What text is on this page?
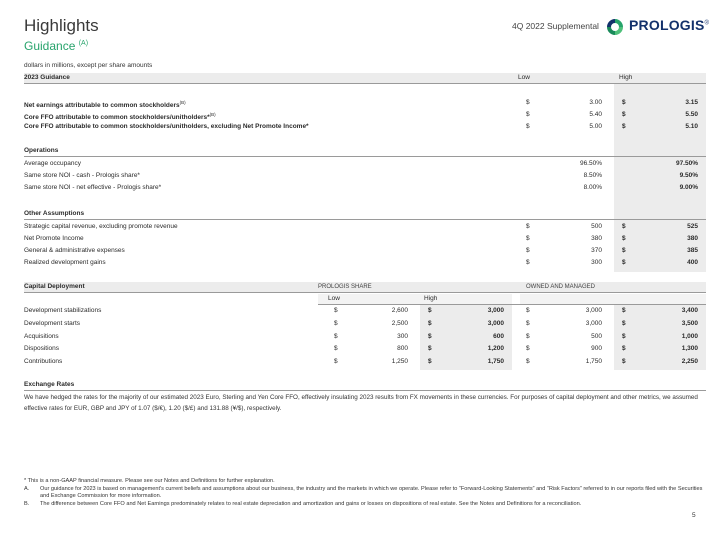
Highlights
Guidance $^{(A)}$
4Q 2022 Supplemental PROLOGIS®
dollars in millions, except per share amounts
2023 Guidance	Low	High
Net earnings attributable to common stockholders$^{(B)}$	$	3.00	$	3.15
Core FFO attributable to common stockholders/unitholders*$^{(B)}$	$	5.40	$	5.50
Core FFO attributable to common stockholders/unitholders, excluding Net Promote Income*	$	5.00	$	5.10
Operations
Average occupancy	96.50%	97.50%
Same store NOI - cash - Prologis share*	8.50%	9.50%
Same store NOI - net effective - Prologis share*	8.00%	9.00%
Other Assumptions
Strategic capital revenue, excluding promote revenue	$	500	$	525
Net Promote Income	$	380	$	380
General & administrative expenses	$	370	$	385
Realized development gains	$	300	$	400
Capital Deployment	PROLOGIS SHARE	OWNED AND MANAGED
Low	High
Development stabilizations	$	2,600	$	3,000	$	3,000	$	3,400
Development starts	$	2,500	$	3,000	$	3,000	$	3,500
Acquisitions	$	300	$	600	$	500	$	1,000
Dispositions	$	800	$	1,200	$	900	$	1,300
Contributions	$	1,250	$	1,750	$	1,750	$	2,250
Exchange Rates
We have hedged the rates for the majority of our estimated 2023 Euro, Sterling and Yen Core FFO, effectively insulating 2023 results from FX movements in these currencies. For purposes of capital deployment and other metrics, we assumed effective rates for EUR, GBP and JPY of 1.07 ($/€), 1.20 ($/£) and 131.88 (¥/$), respectively.
* This is a non-GAAP financial measure. Please see our Notes and Definitions for further explanation.
A. Our guidance for 2023 is based on management's current beliefs and assumptions about our business, the industry and the markets in which we operate. Please refer to “Forward-Looking Statements” and “Risk Factors” referred to in our reports filed with the Securities and Exchange Commission for more information.
B. The difference between Core FFO and Net Earnings predominately relates to real estate depreciation and amortization and gains or losses on dispositions of real estate. See the Notes and Definitions for a reconciliation.
5
